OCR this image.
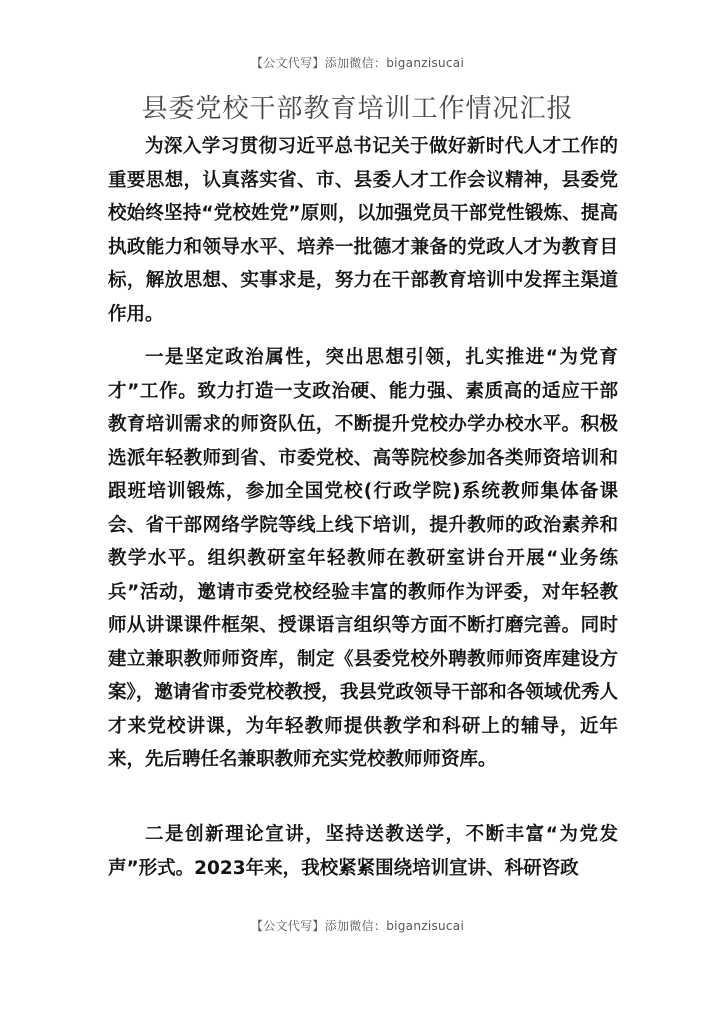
【公文代写】添加微信：biganzisucai
县委党校干部教育培训工作情况汇报

为深入学习贯彻习近平总书记关于做好新时代人才工作的重要思想，认真落实省、市、县委人才工作会议精神，县委党校始终坚持“党校姓党”原则，以加强党员干部党性锻炼、提高执政能力和领导水平、培养一批德才兼备的党政人才为教育目标，解放思想、实事求是，努力在干部教育培训中发挥主渠道作用。

一是坚定政治属性，突出思想引领，扎实推进“为党育才”工作。致力打造一支政治硬、能力强、素质高的适应干部教育培训需求的师资队伍，不断提升党校办学办校水平。积极选派年轻教师到省、市委党校、高等院校参加各类师资培训和跟班培训锻炼，参加全国党校(行政学院)系统教师集体备课会、省干部网络学院等线上线下培训，提升教师的政治素养和教学水平。组织教研室年轻教师在教研室讲台开展“业务练兵”活动，邀请市委党校经验丰富的教师作为评委，对年轻教师从讲课课件框架、授课语言组织等方面不断打磨完善。同时建立兼职教师师资库，制定《县委党校外聘教师师资库建设方案》，邀请省市委党校教授，我县党政领导干部和各领域优秀人才来党校讲课，为年轻教师提供教学和科研上的辅导，近年来，先后聘任名兼职教师充实党校教师师资库。

二是创新理论宣讲，坚持送教送学，不断丰富“为党发声”形式。2023年来，我校紧紧围绕培训宣讲、科研咨政

【公文代写】添加微信：biganzisucai
